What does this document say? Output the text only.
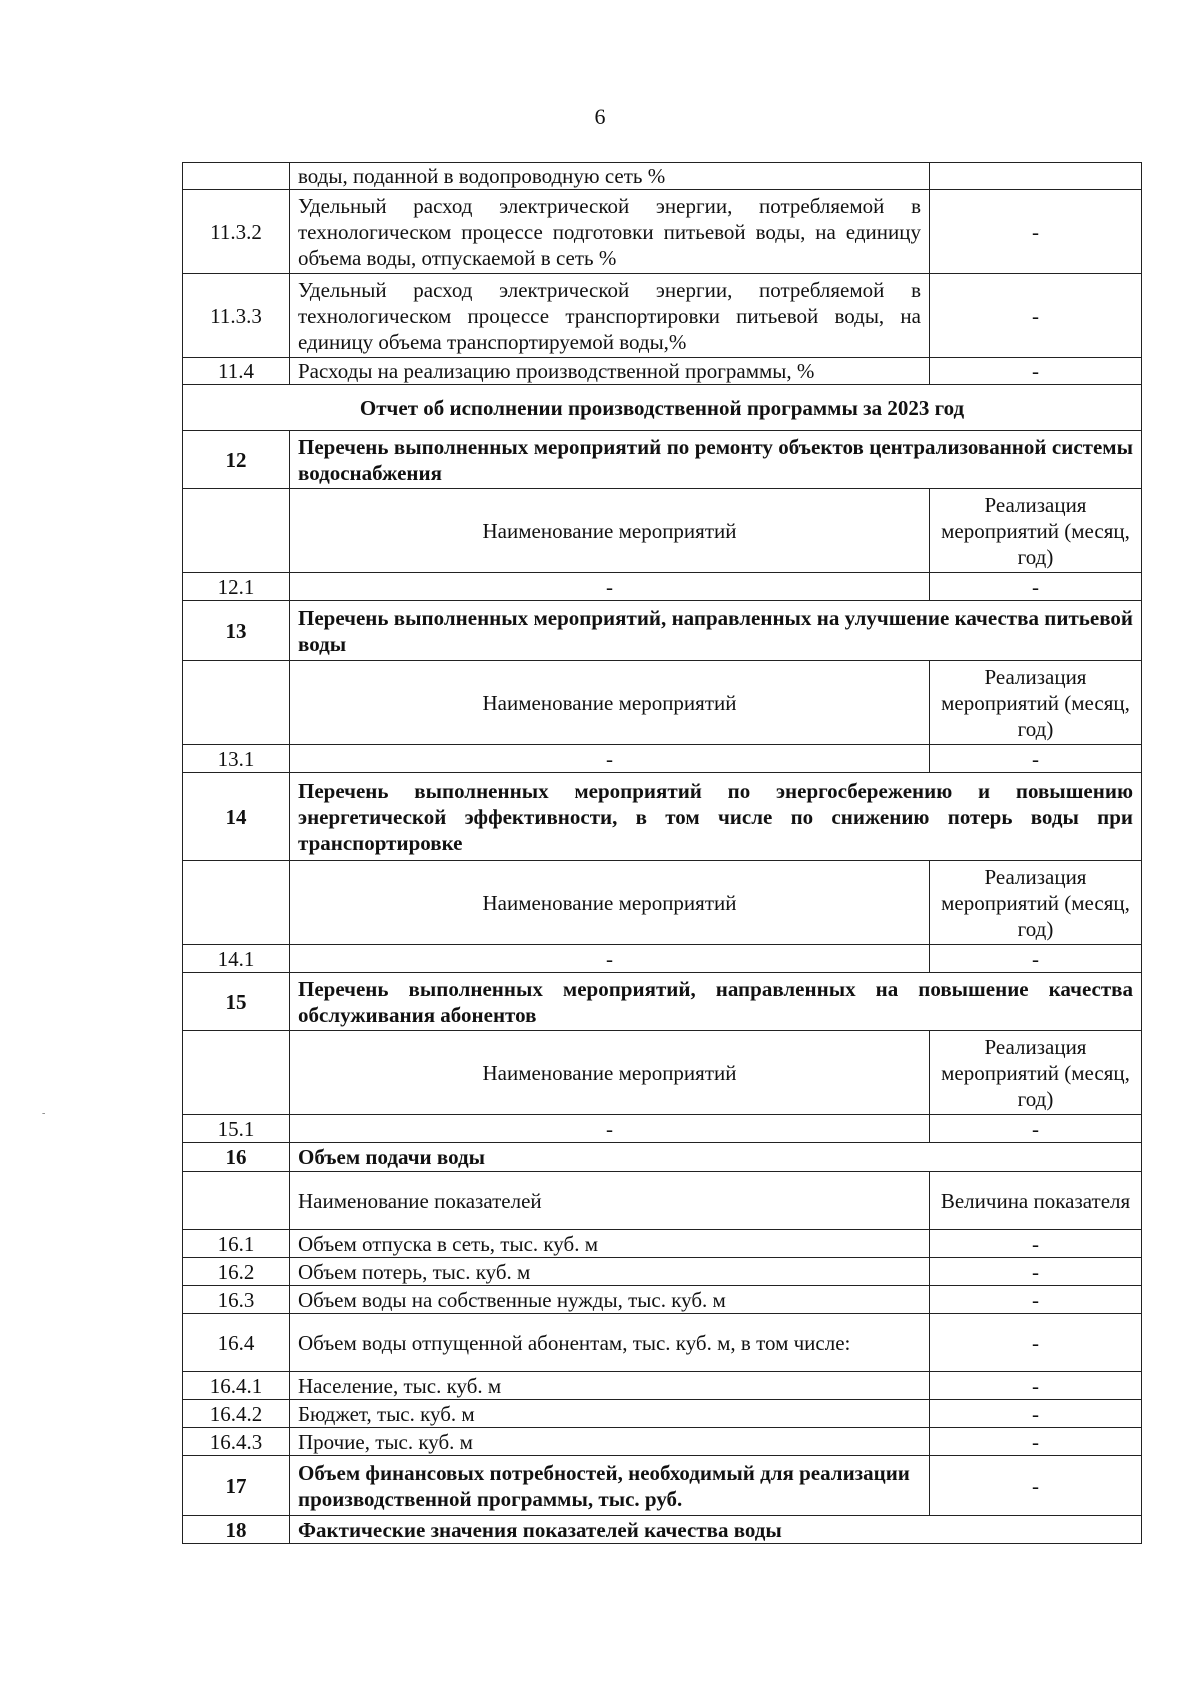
6
-
	воды, поданной в водопроводную сеть %	
11.3.2	Удельный расход электрической энергии, потребляемой в технологическом процессе подготовки питьевой воды, на единицу объема воды, отпускаемой в сеть %	-
11.3.3	Удельный расход электрической энергии, потребляемой в технологическом процессе транспортировки питьевой воды, на единицу объема транспортируемой воды,%	-
11.4	Расходы на реализацию производственной программы, %	-
Отчет об исполнении производственной программы за 2023 год		
12	Перечень выполненных мероприятий по ремонту объектов централизованной системы водоснабжения	
	Наименование мероприятий	Реализация мероприятий (месяц, год)
12.1	-	-
13	Перечень выполненных мероприятий, направленных на улучшение качества питьевой воды	
	Наименование мероприятий	Реализация мероприятий (месяц, год)
13.1	-	-
14	Перечень выполненных мероприятий по энергосбережению и повышению энергетической эффективности, в том числе по снижению потерь воды при транспортировке	
	Наименование мероприятий	Реализация мероприятий (месяц, год)
14.1	-	-
15	Перечень выполненных мероприятий, направленных на повышение качества обслуживания абонентов	
	Наименование мероприятий	Реализация мероприятий (месяц, год)
15.1	-	-
16	Объем подачи воды	
	Наименование показателей	Величина показателя
16.1	Объем отпуска в сеть, тыс. куб. м	-
16.2	Объем потерь, тыс. куб. м	-
16.3	Объем воды на собственные нужды, тыс. куб. м	-
16.4	Объем воды отпущенной абонентам, тыс. куб. м, в том числе:	-
16.4.1	Население, тыс. куб. м	-
16.4.2	Бюджет, тыс. куб. м	-
16.4.3	Прочие, тыс. куб. м	-
17	Объем финансовых потребностей, необходимый для реализации производственной программы, тыс. руб.	-
18	Фактические значения показателей качества воды	
